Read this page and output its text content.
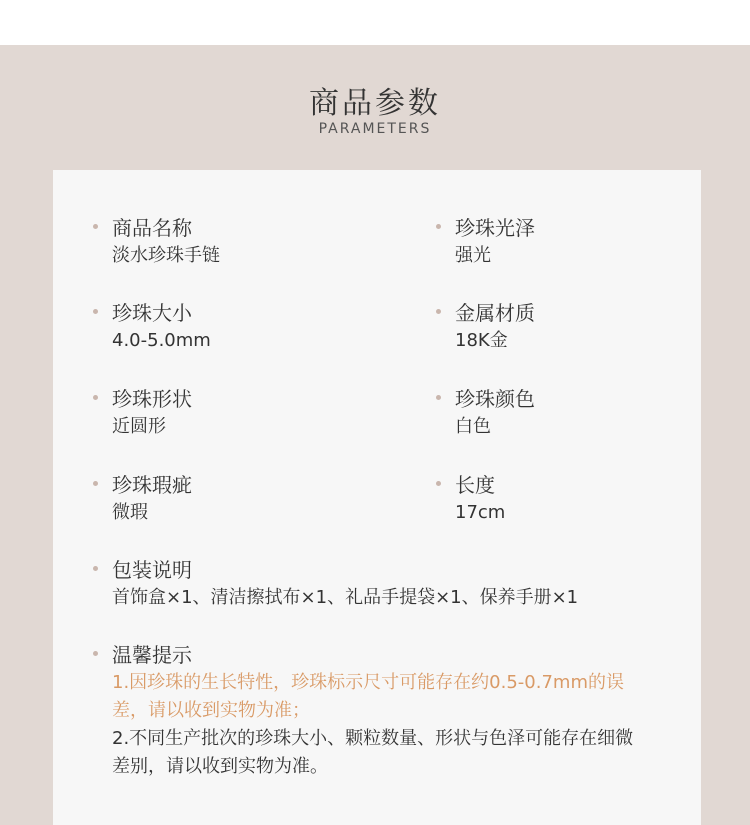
商品参数
PARAMETERS
商品名称
淡水珍珠手链
珍珠光泽
强光
珍珠大小
4.0-5.0mm
金属材质
18K金
珍珠形状
近圆形
珍珠颜色
白色
珍珠瑕疵
微瑕
长度
17cm
包装说明
首饰盒×1、清洁擦拭布×1、礼品手提袋×1、保养手册×1
温馨提示
1.因珍珠的生长特性，珍珠标示尺寸可能存在约0.5-0.7mm的误差，请以收到实物为准；
2.不同生产批次的珍珠大小、颗粒数量、形状与色泽可能存在细微差别，请以收到实物为准。
